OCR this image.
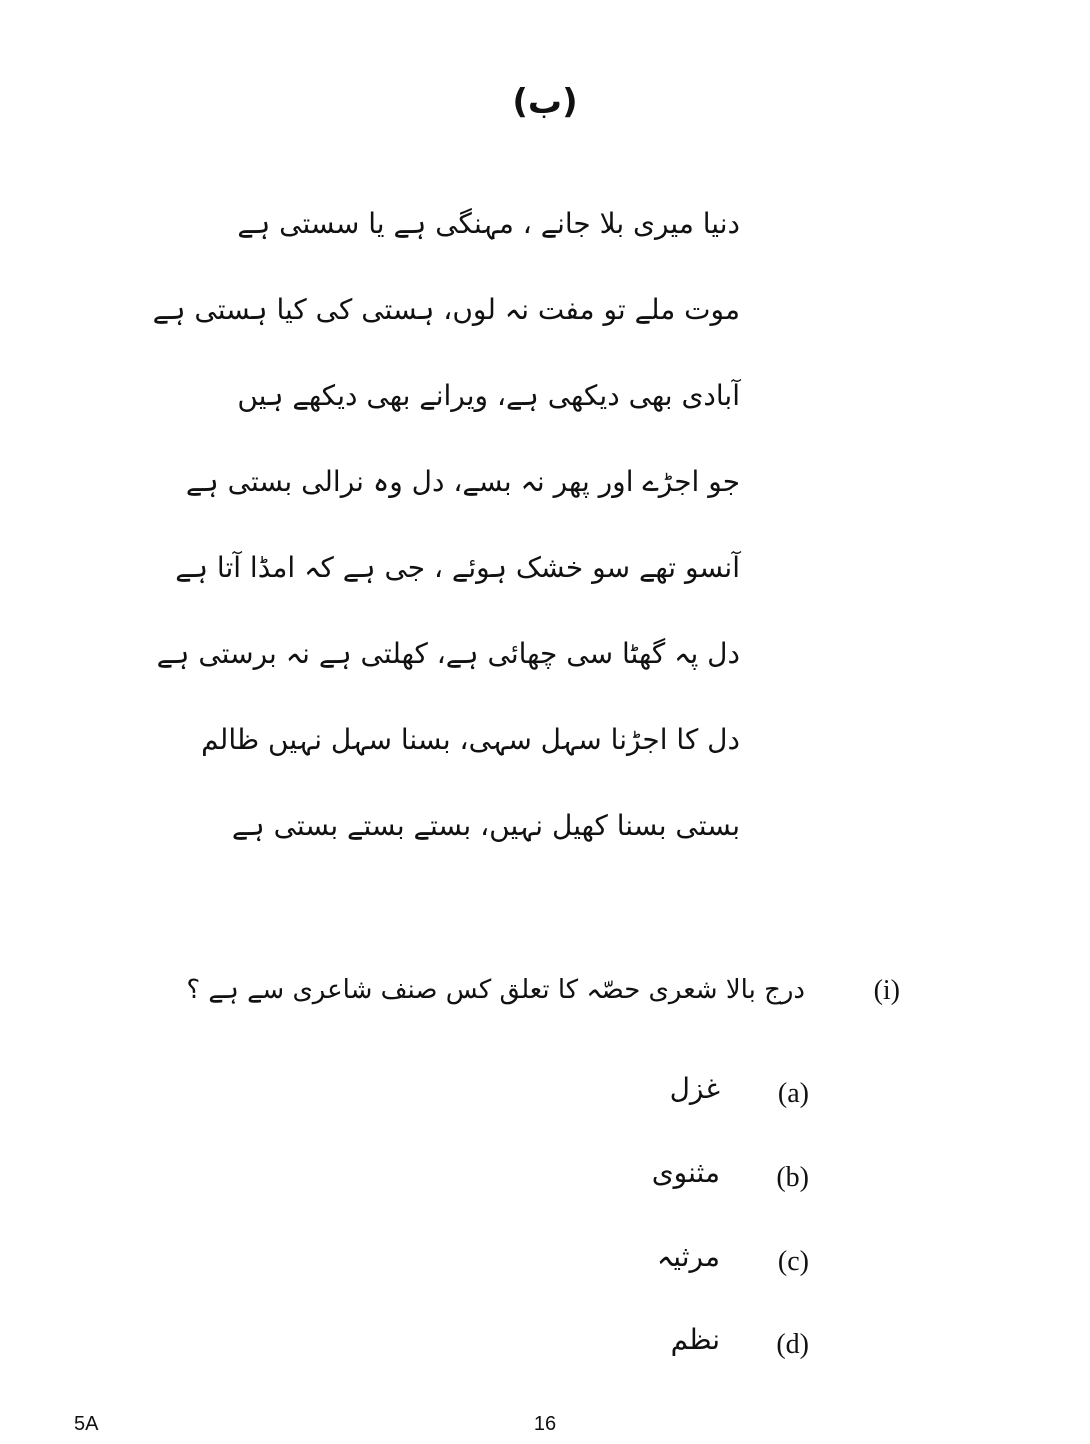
(ب)
دنیا میری بلا جانے ، مہنگی ہے یا سستی ہے
موت ملے تو مفت نہ لوں، ہستی کی کیا ہستی ہے
آبادی بھی دیکھی ہے، ویرانے بھی دیکھے ہیں
جو اجڑے اور پھر نہ بسے، دل وہ نرالی بستی ہے
آنسو تھے سو خشک ہوئے ، جی ہے کہ امڈا آتا ہے
دل پہ گھٹا سی چھائی ہے، کھلتی ہے نہ برستی ہے
دل کا اجڑنا سہل سہی، بسنا سہل نہیں ظالم
بستی بسنا کھیل نہیں، بستے بستے بستی ہے
(i)
درج بالا شعری حصّہ کا تعلق کس صنف شاعری سے ہے ؟
(a)
غزل
(b)
مثنوی
(c)
مرثیہ
(d)
نظم
5A	16
